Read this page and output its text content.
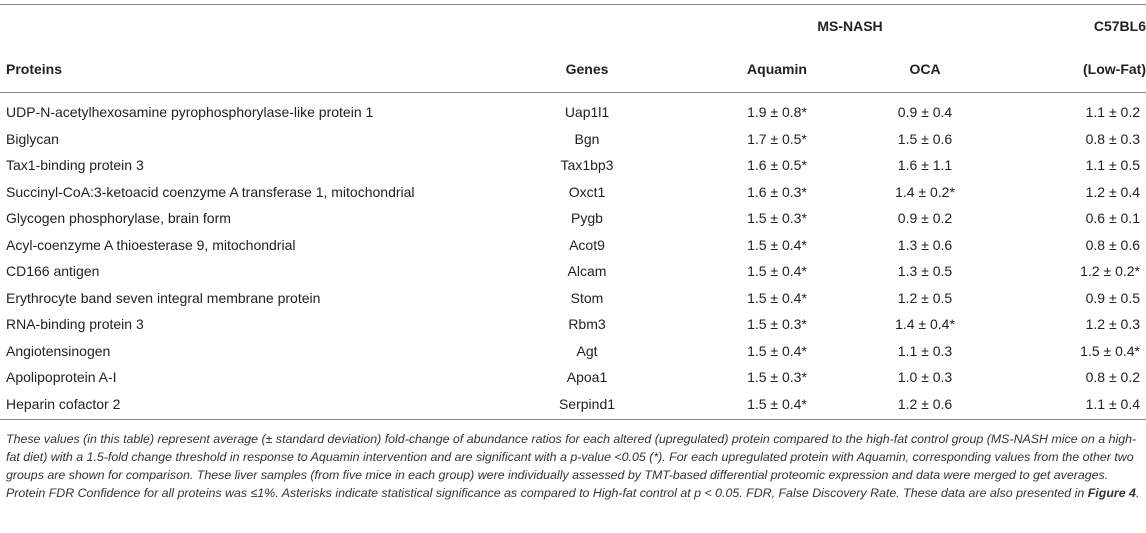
MS-NASH	C57BL6
Proteins	Genes	Aquamin	OCA	(Low-Fat)
UDP-N-acetylhexosamine pyrophosphorylase-like protein 1	Uap1l1	1.9 ± 0.8*	0.9 ± 0.4	1.1 ± 0.2
Biglycan	Bgn	1.7 ± 0.5*	1.5 ± 0.6	0.8 ± 0.3
Tax1-binding protein 3	Tax1bp3	1.6 ± 0.5*	1.6 ± 1.1	1.1 ± 0.5
Succinyl-CoA:3-ketoacid coenzyme A transferase 1, mitochondrial	Oxct1	1.6 ± 0.3*	1.4 ± 0.2*	1.2 ± 0.4
Glycogen phosphorylase, brain form	Pygb	1.5 ± 0.3*	0.9 ± 0.2	0.6 ± 0.1
Acyl-coenzyme A thioesterase 9, mitochondrial	Acot9	1.5 ± 0.4*	1.3 ± 0.6	0.8 ± 0.6
CD166 antigen	Alcam	1.5 ± 0.4*	1.3 ± 0.5	1.2 ± 0.2*
Erythrocyte band seven integral membrane protein	Stom	1.5 ± 0.4*	1.2 ± 0.5	0.9 ± 0.5
RNA-binding protein 3	Rbm3	1.5 ± 0.3*	1.4 ± 0.4*	1.2 ± 0.3
Angiotensinogen	Agt	1.5 ± 0.4*	1.1 ± 0.3	1.5 ± 0.4*
Apolipoprotein A-I	Apoa1	1.5 ± 0.3*	1.0 ± 0.3	0.8 ± 0.2
Heparin cofactor 2	Serpind1	1.5 ± 0.4*	1.2 ± 0.6	1.1 ± 0.4
These values (in this table) represent average (± standard deviation) fold-change of abundance ratios for each altered (upregulated) protein compared to the high-fat control group (MS-NASH mice on a high-fat diet) with a 1.5-fold change threshold in response to Aquamin intervention and are significant with a p-value <0.05 (*). For each upregulated protein with Aquamin, corresponding values from the other two groups are shown for comparison. These liver samples (from five mice in each group) were individually assessed by TMT-based differential proteomic expression and data were merged to get averages. Protein FDR Confidence for all proteins was ≤1%. Asterisks indicate statistical significance as compared to High-fat control at p < 0.05. FDR, False Discovery Rate. These data are also presented in Figure 4.
